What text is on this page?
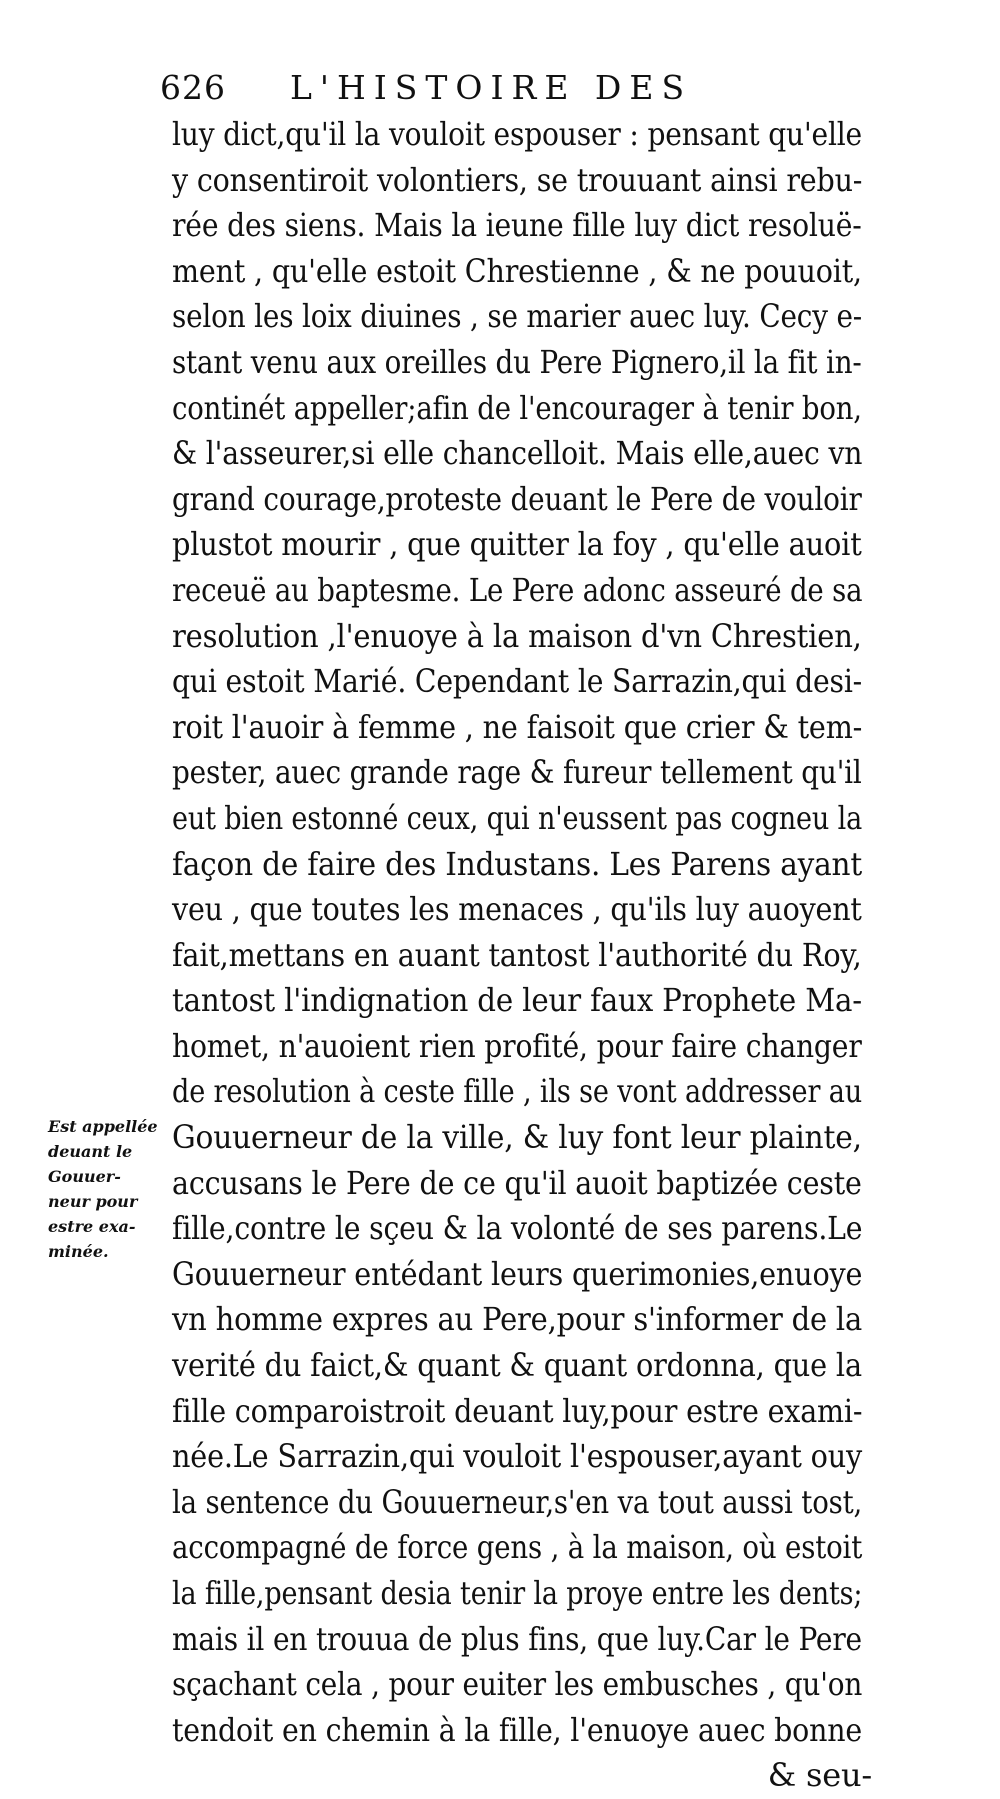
626 L'HISTOIRE DES
luy dict,qu'il la vouloit espouser : pensant qu'elle
y consentiroit volontiers, se trouuant ainsi rebu-
rée des siens. Mais la ieune fille luy dict resoluë-
ment , qu'elle estoit Chrestienne , & ne pouuoit,
selon les loix diuines , se marier auec luy. Cecy e-
stant venu aux oreilles du Pere Pignero,il la fit in-
continét appeller;afin de l'encourager à tenir bon,
& l'asseurer,si elle chancelloit. Mais elle,auec vn
grand courage,proteste deuant le Pere de vouloir
plustot mourir , que quitter la foy , qu'elle auoit
receuë au baptesme. Le Pere adonc asseuré de sa
resolution ,l'enuoye à la maison d'vn Chrestien,
qui estoit Marié. Cependant le Sarrazin,qui desi-
roit l'auoir à femme , ne faisoit que crier & tem-
pester, auec grande rage & fureur tellement qu'il
eut bien estonné ceux, qui n'eussent pas cogneu la
façon de faire des Industans. Les Parens ayant
veu , que toutes les menaces , qu'ils luy auoyent
fait,mettans en auant tantost l'authorité du Roy,
tantost l'indignation de leur faux Prophete Ma-
homet, n'auoient rien profité, pour faire changer
de resolution à ceste fille , ils se vont addresser au
Gouuerneur de la ville, & luy font leur plainte,
accusans le Pere de ce qu'il auoit baptizée ceste
fille,contre le sçeu & la volonté de ses parens.Le
Gouuerneur entédant leurs querimonies,enuoye
vn homme expres au Pere,pour s'informer de la
verité du faict,& quant & quant ordonna, que la
fille comparoistroit deuant luy,pour estre exami-
née.Le Sarrazin,qui vouloit l'espouser,ayant ouy
la sentence du Gouuerneur,s'en va tout aussi tost,
accompagné de force gens , à la maison, où estoit
la fille,pensant desia tenir la proye entre les dents;
mais il en trouua de plus fins, que luy.Car le Pere
sçachant cela , pour euiter les embusches , qu'on
tendoit en chemin à la fille, l'enuoye auec bonne
& seu-
Est appellée
deuant le
Gouuer-
neur pour
estre exa-
minée.
